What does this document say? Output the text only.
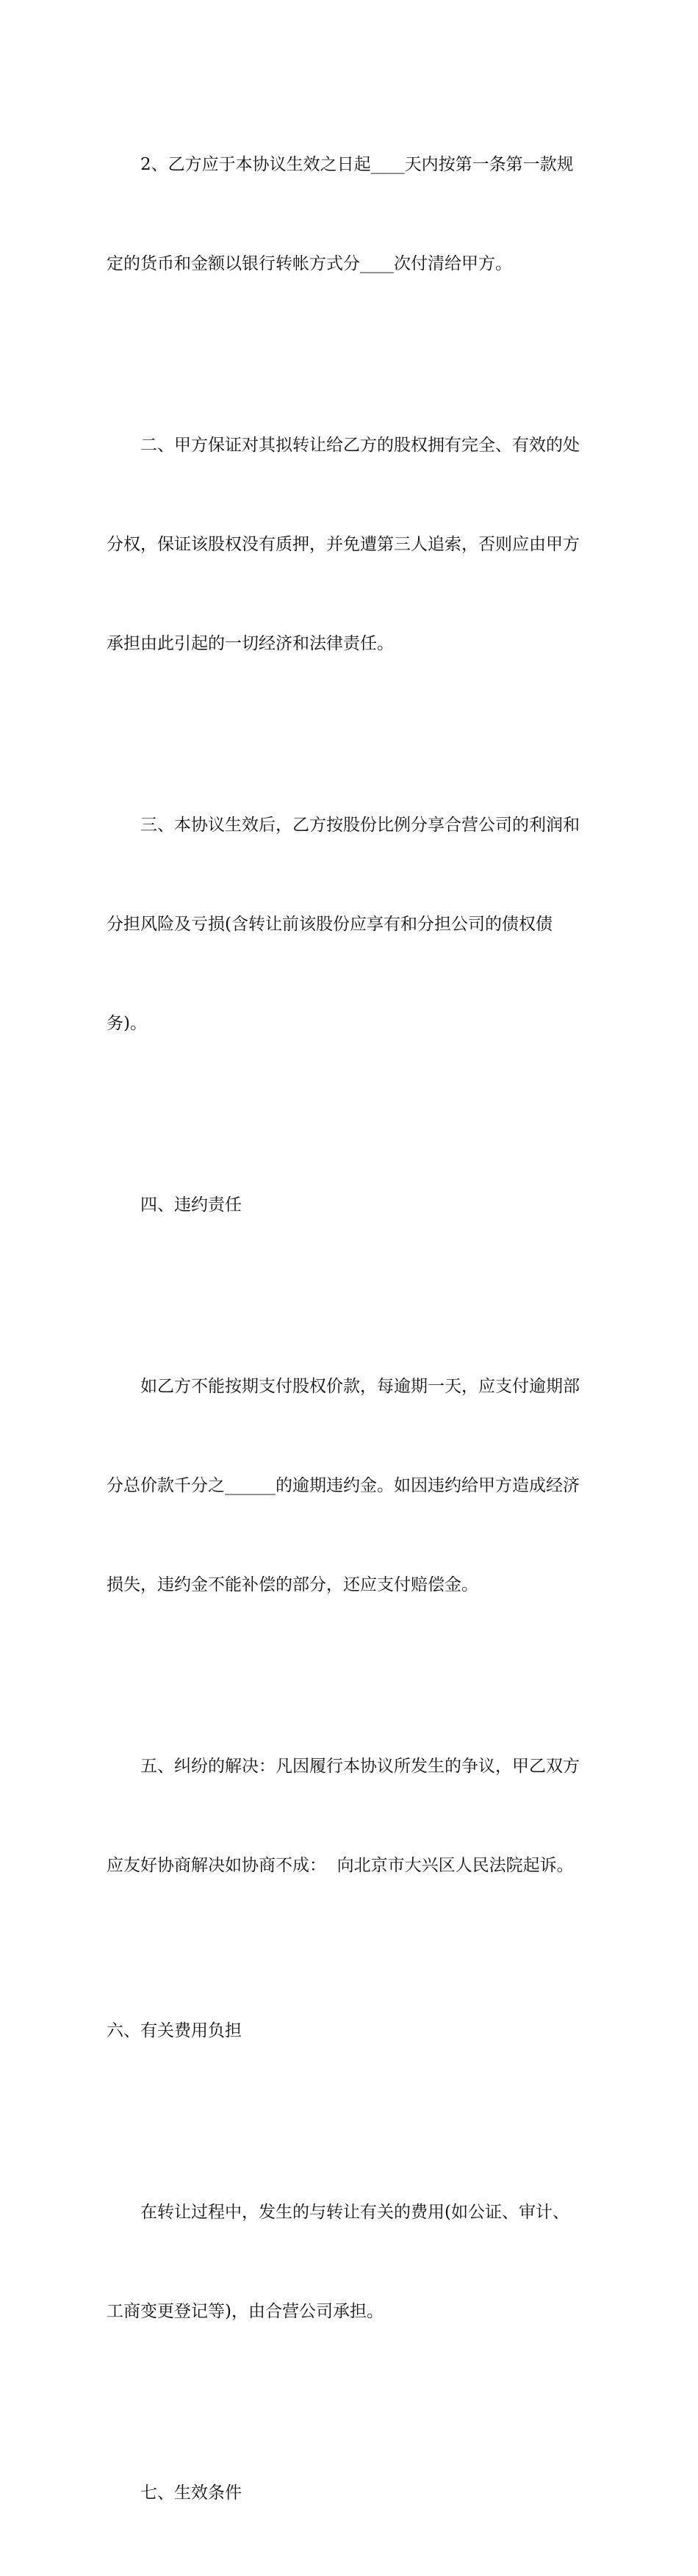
2、乙方应于本协议生效之日起____天内按第一条第一款规

定的货币和金额以银行转帐方式分____次付清给甲方。

二、甲方保证对其拟转让给乙方的股权拥有完全、有效的处

分权，保证该股权没有质押，并免遭第三人追索，否则应由甲方

承担由此引起的一切经济和法律责任。

三、本协议生效后，乙方按股份比例分享合营公司的利润和

分担风险及亏损(含转让前该股份应享有和分担公司的债权债

务)。

四、违约责任

如乙方不能按期支付股权价款，每逾期一天，应支付逾期部

分总价款千分之______的逾期违约金。如因违约给甲方造成经济

损失，违约金不能补偿的部分，还应支付赔偿金。

五、纠纷的解决：凡因履行本协议所发生的争议，甲乙双方

应友好协商解决如协商不成：  向北京市大兴区人民法院起诉。

六、有关费用负担

在转让过程中，发生的与转让有关的费用(如公证、审计、

工商变更登记等)，由合营公司承担。

七、生效条件
